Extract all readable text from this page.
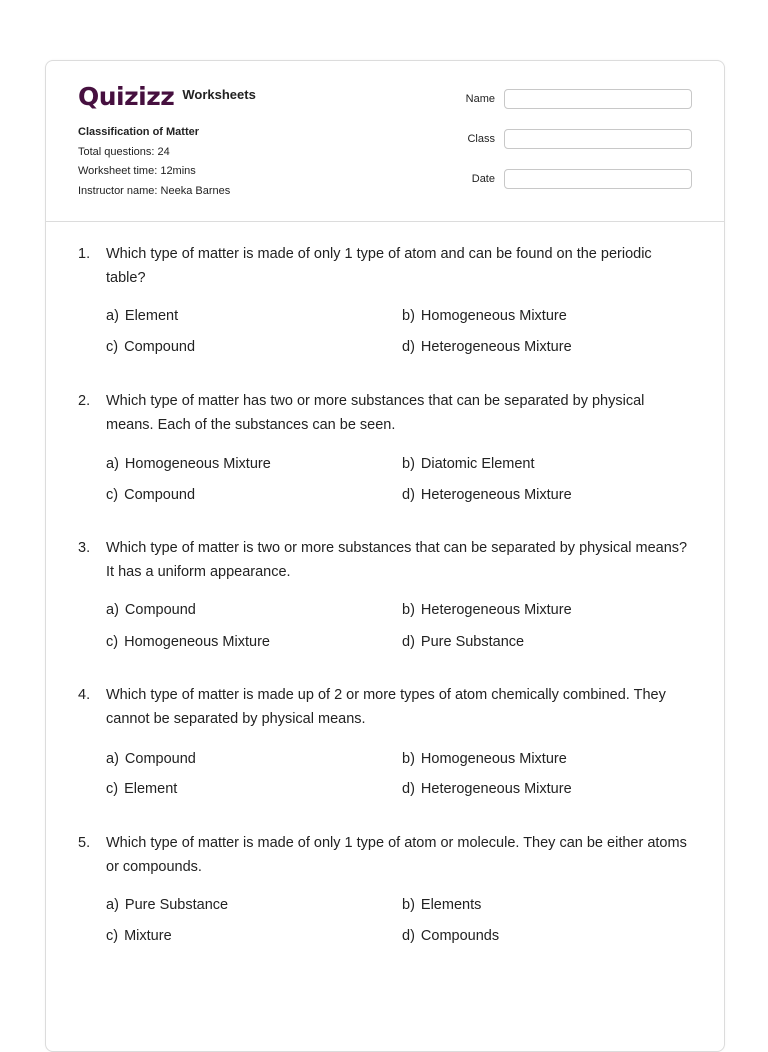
Quizizz Worksheets
Classification of Matter
Total questions: 24
Worksheet time: 12mins
Instructor name: Neeka Barnes
Name
Class
Date
1. Which type of matter is made of only 1 type of atom and can be found on the periodic table?
a) Element	b) Homogeneous Mixture
c) Compound	d) Heterogeneous Mixture
2. Which type of matter has two or more substances that can be separated by physical means. Each of the substances can be seen.
a) Homogeneous Mixture	b) Diatomic Element
c) Compound	d) Heterogeneous Mixture
3. Which type of matter is two or more substances that can be separated by physical means? It has a uniform appearance.
a) Compound	b) Heterogeneous Mixture
c) Homogeneous Mixture	d) Pure Substance
4. Which type of matter is made up of 2 or more types of atom chemically combined. They cannot be separated by physical means.
a) Compound	b) Homogeneous Mixture
c) Element	d) Heterogeneous Mixture
5. Which type of matter is made of only 1 type of atom or molecule. They can be either atoms or compounds.
a) Pure Substance	b) Elements
c) Mixture	d) Compounds
